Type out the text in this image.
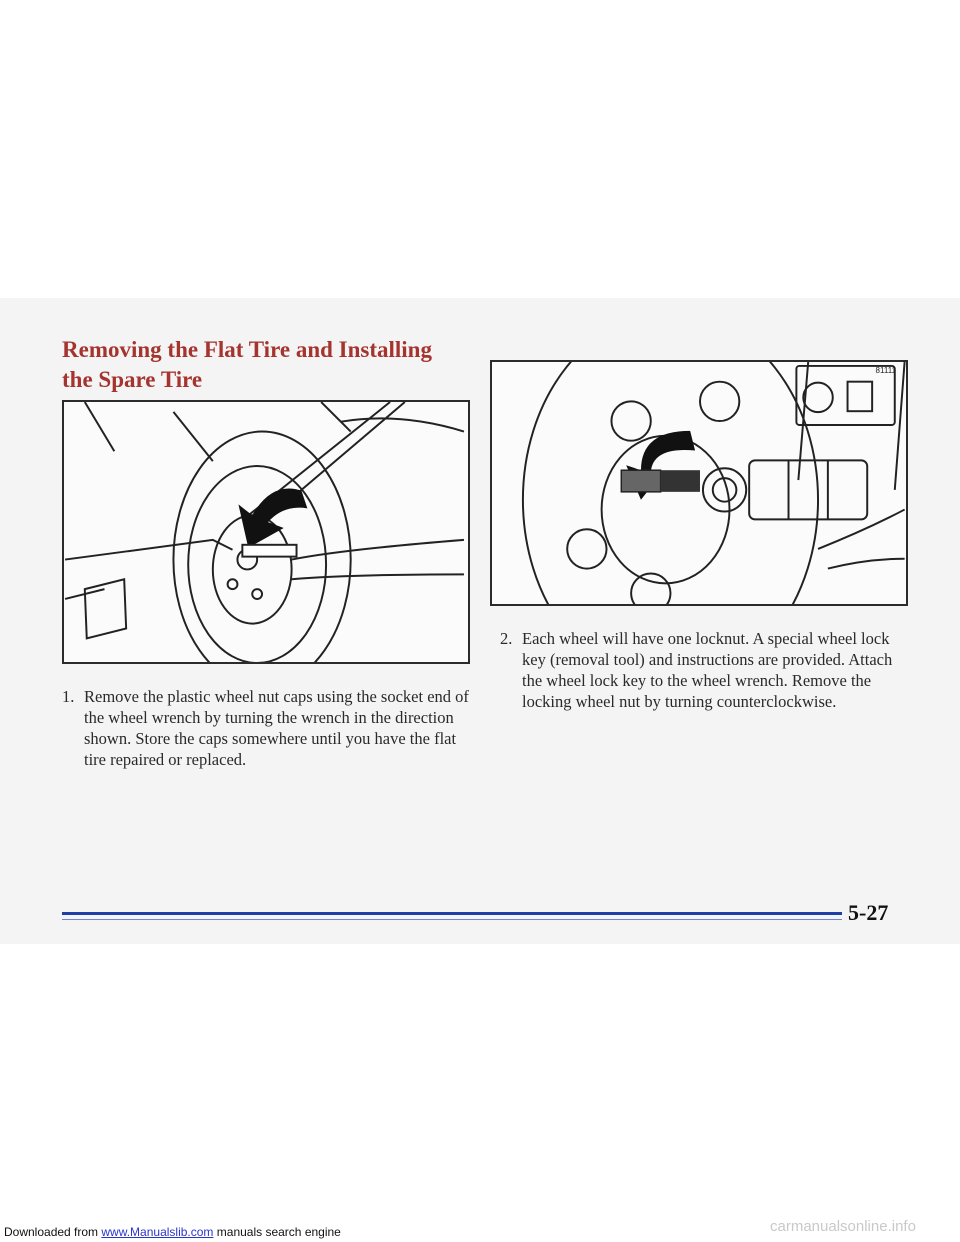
Removing the Flat Tire and Installing the Spare Tire	81111

1. Remove the plastic wheel nut caps using the socket end of the wheel wrench by turning the wrench in the direction shown. Store the caps somewhere until you have the flat tire repaired or replaced.

2. Each wheel will have one locknut. A special wheel lock key (removal tool) and instructions are provided. Attach the wheel lock key to the wheel wrench. Remove the locking wheel nut by turning counterclockwise.

5-27
Downloaded from www.Manualslib.com manuals search engine	carmanualsonline.info
